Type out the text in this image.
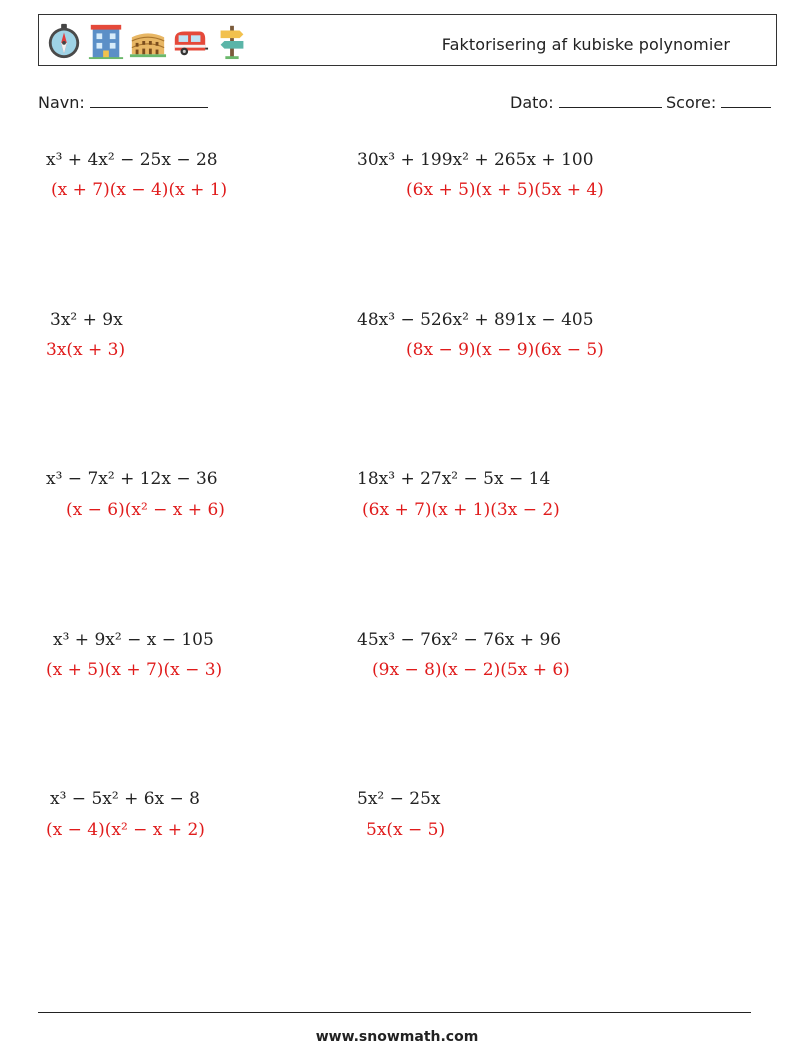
Faktorisering af kubiske polynomier
Navn:	Dato:	Score:
x³ + 4x² − 25x − 28
(x + 7)(x − 4)(x + 1)
30x³ + 199x² + 265x + 100
(6x + 5)(x + 5)(5x + 4)
3x² + 9x
3x(x + 3)
48x³ − 526x² + 891x − 405
(8x − 9)(x − 9)(6x − 5)
x³ − 7x² + 12x − 36
(x − 6)(x² − x + 6)
18x³ + 27x² − 5x − 14
(6x + 7)(x + 1)(3x − 2)
x³ + 9x² − x − 105
(x + 5)(x + 7)(x − 3)
45x³ − 76x² − 76x + 96
(9x − 8)(x − 2)(5x + 6)
x³ − 5x² + 6x − 8
(x − 4)(x² − x + 2)
5x² − 25x
5x(x − 5)
www.snowmath.com
